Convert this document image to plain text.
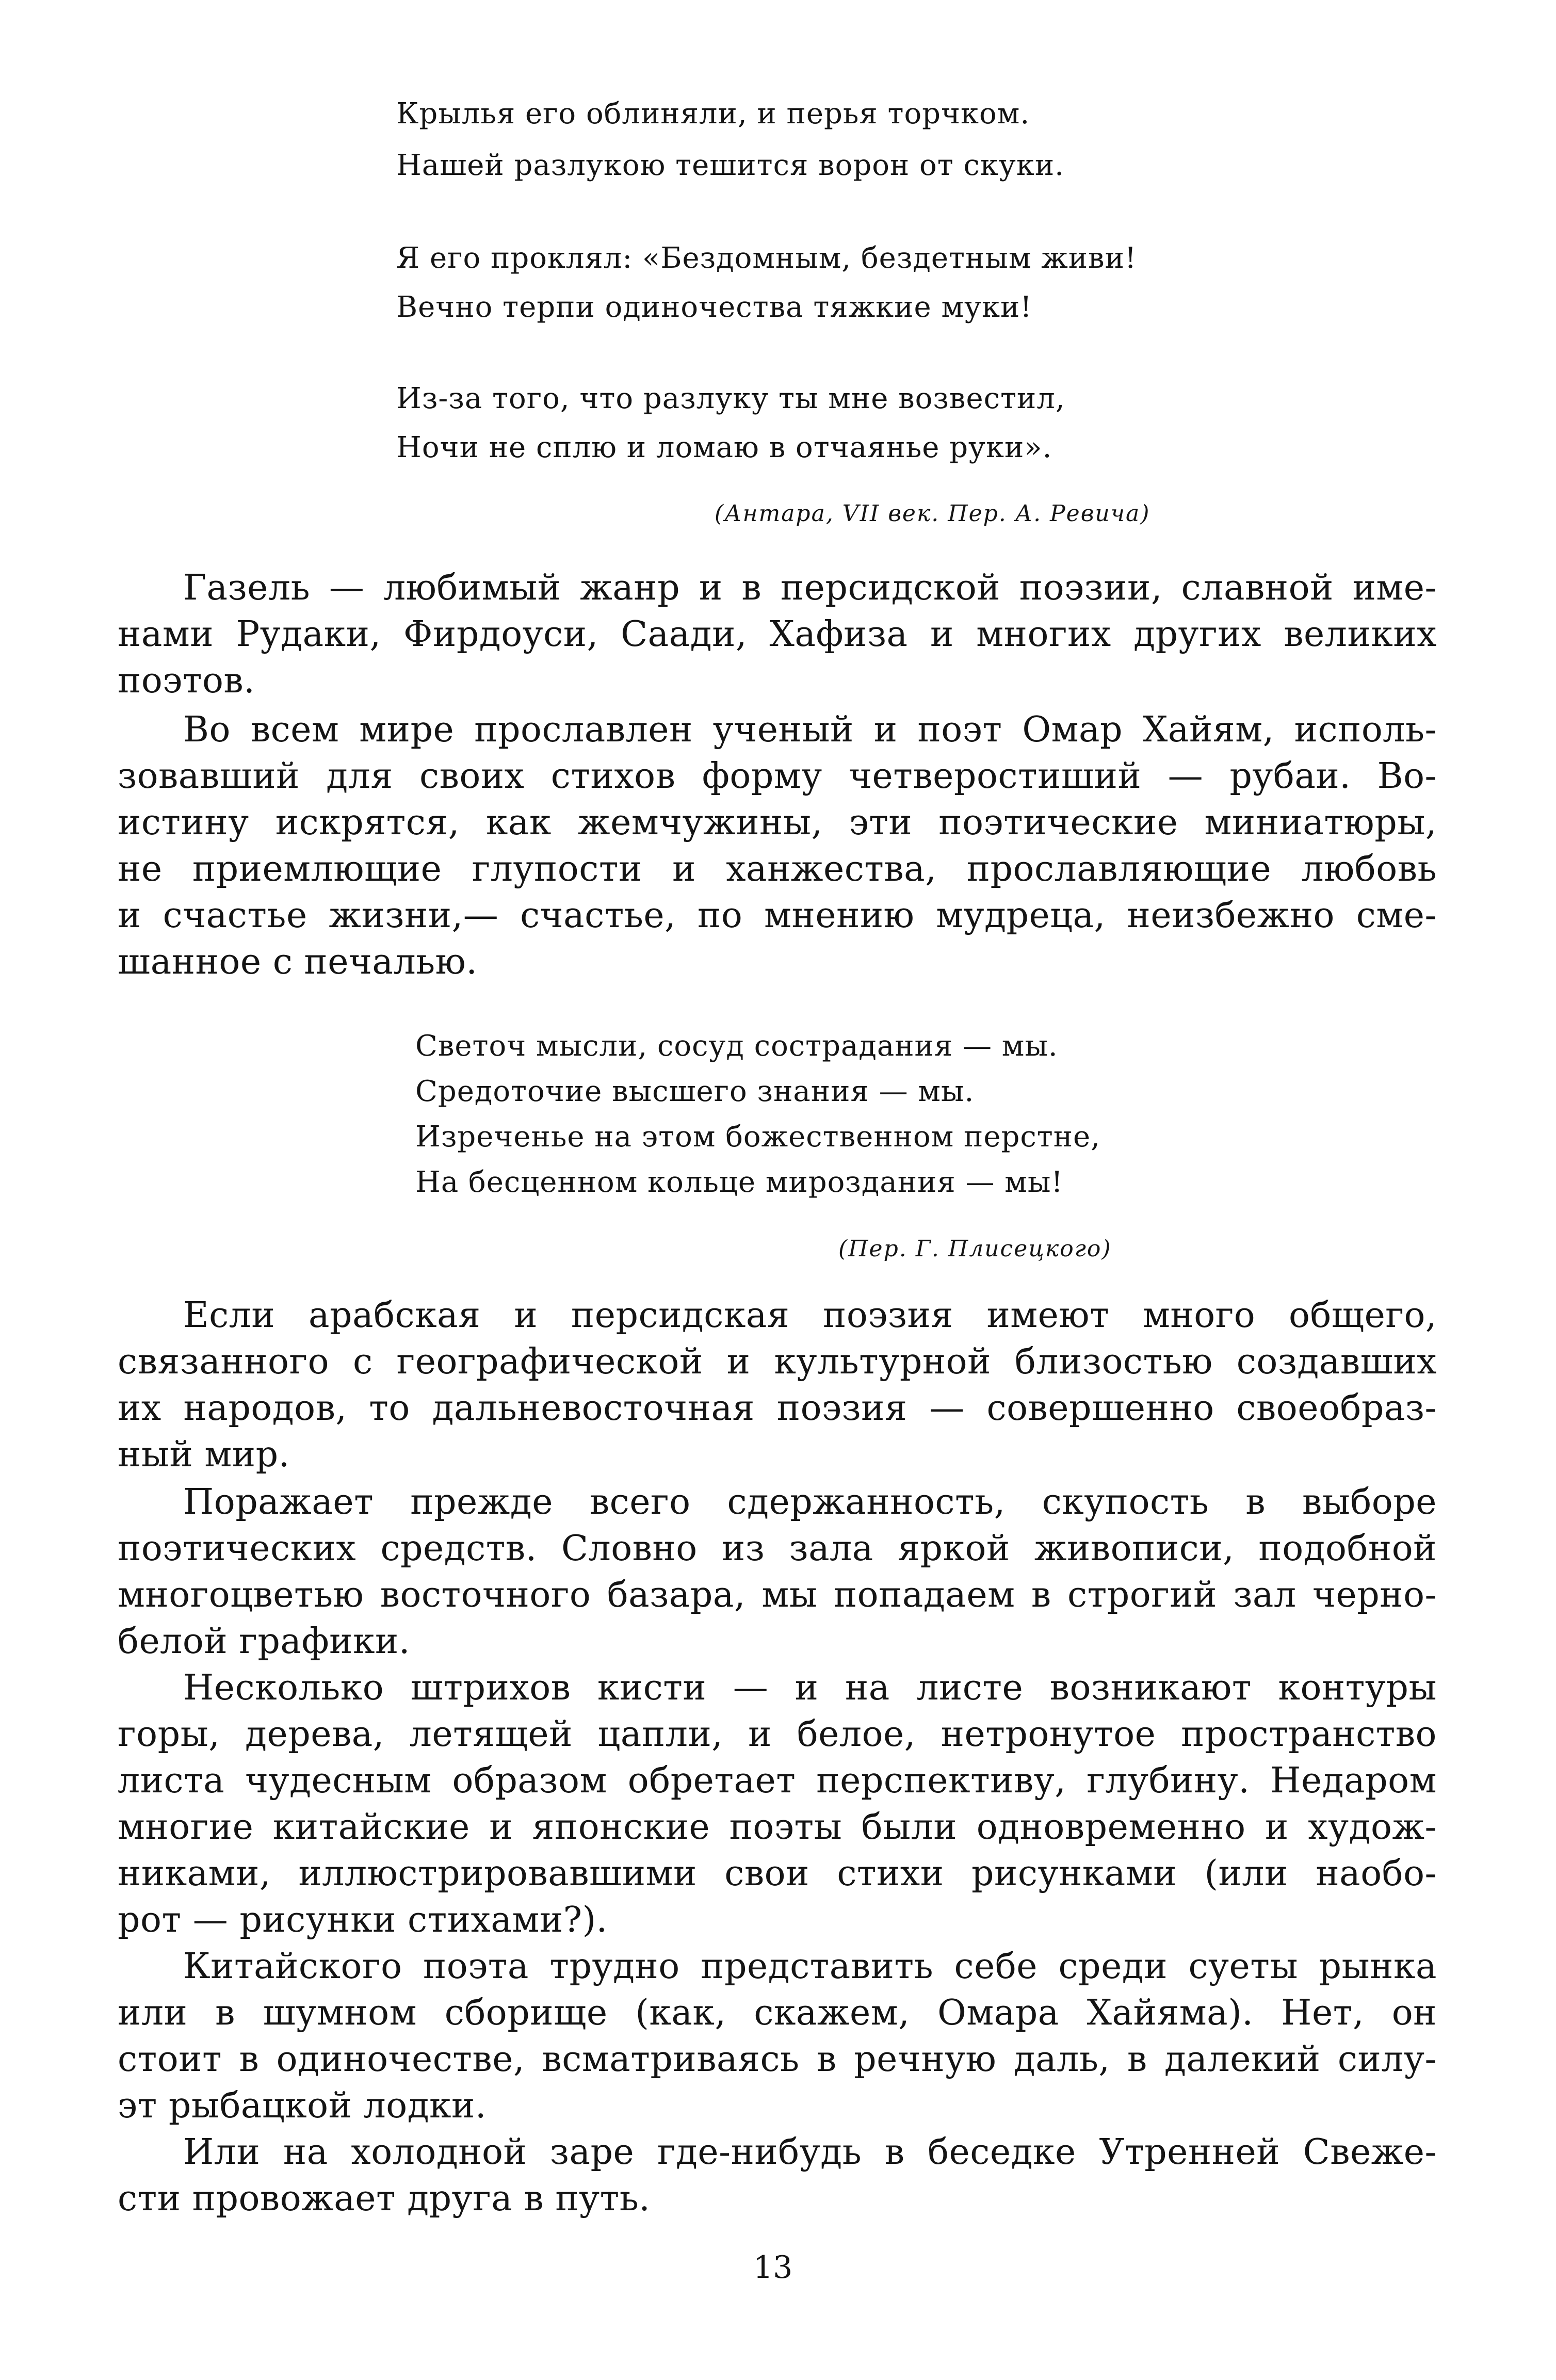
Крылья его облиняли, и перья торчком.

Нашей разлукою тешится ворон от скуки.

Я его проклял: «Бездомным, бездетным живи!

Вечно терпи одиночества тяжкие муки!

Из-за того, что разлуку ты мне возвестил,

Ночи не сплю и ломаю в отчаянье руки».

(Антара, VII век. Пер. А. Ревича)

Газель — любимый жанр и в персидской поэзии, славной име-

нами Рудаки, Фирдоуси, Саади, Хафиза и многих других великих

поэтов.

Во всем мире прославлен ученый и поэт Омар Хайям, исполь-

зовавший для своих стихов форму четверостиший — рубаи. Во-

истину искрятся, как жемчужины, эти поэтические миниатюры,

не приемлющие глупости и ханжества, прославляющие любовь

и счастье жизни,— счастье, по мнению мудреца, неизбежно сме-

шанное с печалью.

Светоч мысли, сосуд сострадания — мы.

Средоточие высшего знания — мы.

Изреченье на этом божественном перстне,

На бесценном кольце мироздания — мы!

(Пер. Г. Плисецкого)

Если арабская и персидская поэзия имеют много общего,

связанного с географической и культурной близостью создавших

их народов, то дальневосточная поэзия — совершенно своеобраз-

ный мир.

Поражает прежде всего сдержанность, скупость в выборе

поэтических средств. Словно из зала яркой живописи, подобной

многоцветью восточного базара, мы попадаем в строгий зал черно-

белой графики.

Несколько штрихов кисти — и на листе возникают контуры

горы, дерева, летящей цапли, и белое, нетронутое пространство

листа чудесным образом обретает перспективу, глубину. Недаром

многие китайские и японские поэты были одновременно и худож-

никами, иллюстрировавшими свои стихи рисунками (или наобо-

рот — рисунки стихами?).

Китайского поэта трудно представить себе среди суеты рынка

или в шумном сборище (как, скажем, Омара Хайяма). Нет, он

стоит в одиночестве, всматриваясь в речную даль, в далекий силу-

эт рыбацкой лодки.

Или на холодной заре где-нибудь в беседке Утренней Свеже-

сти провожает друга в путь.

13
